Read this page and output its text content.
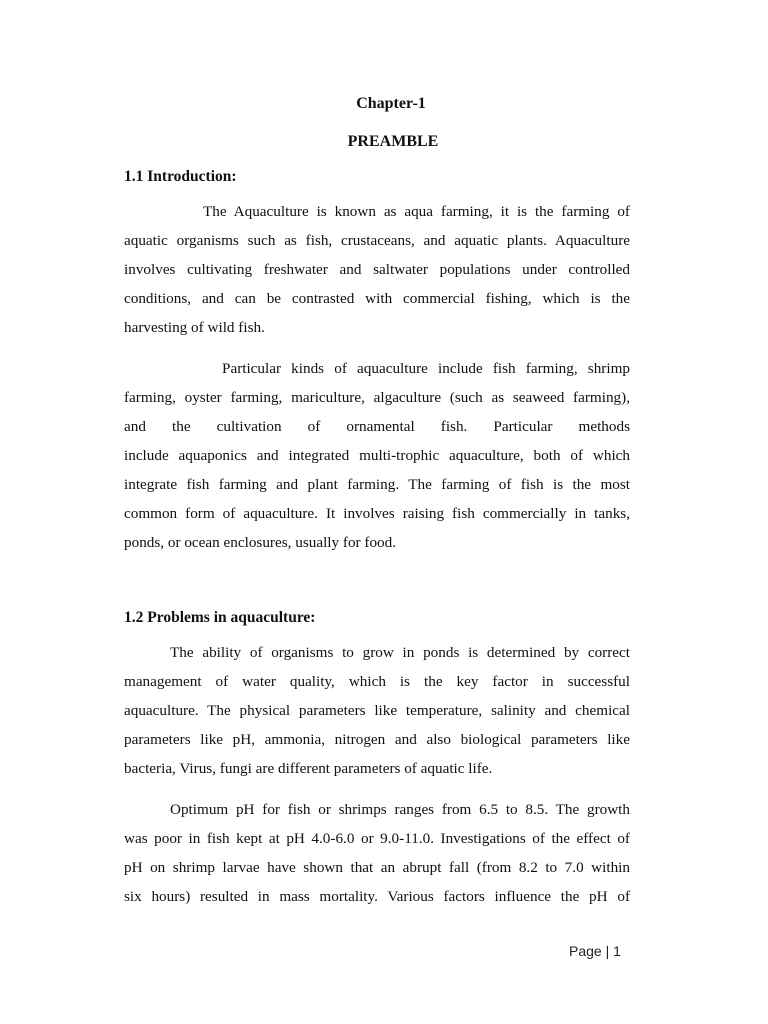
Chapter-1
PREAMBLE
1.1 Introduction:
The Aquaculture is known as aqua farming, it is the farming of
aquatic organisms such as fish, crustaceans, and aquatic plants. Aquaculture
involves cultivating freshwater and saltwater populations under controlled
conditions, and can be contrasted with commercial fishing, which is the
harvesting of wild fish.
Particular kinds of aquaculture include fish farming, shrimp
farming, oyster farming, mariculture, algaculture (such as seaweed farming),
and the cultivation of ornamental fish. Particular methods
include aquaponics and integrated multi-trophic aquaculture, both of which
integrate fish farming and plant farming. The farming of fish is the most
common form of aquaculture. It involves raising fish commercially in tanks,
ponds, or ocean enclosures, usually for food.
1.2 Problems in aquaculture:
The ability of organisms to grow in ponds is determined by correct
management of water quality, which is the key factor in successful
aquaculture. The physical parameters like temperature, salinity and chemical
parameters like pH, ammonia, nitrogen and also biological parameters like
bacteria, Virus, fungi are different parameters of aquatic life.
Optimum pH for fish or shrimps ranges from 6.5 to 8.5. The growth
was poor in fish kept at pH 4.0-6.0 or 9.0-11.0. Investigations of the effect of
pH on shrimp larvae have shown that an abrupt fall (from 8.2 to 7.0 within
six hours) resulted in mass mortality. Various factors influence the pH of
Page | 1
